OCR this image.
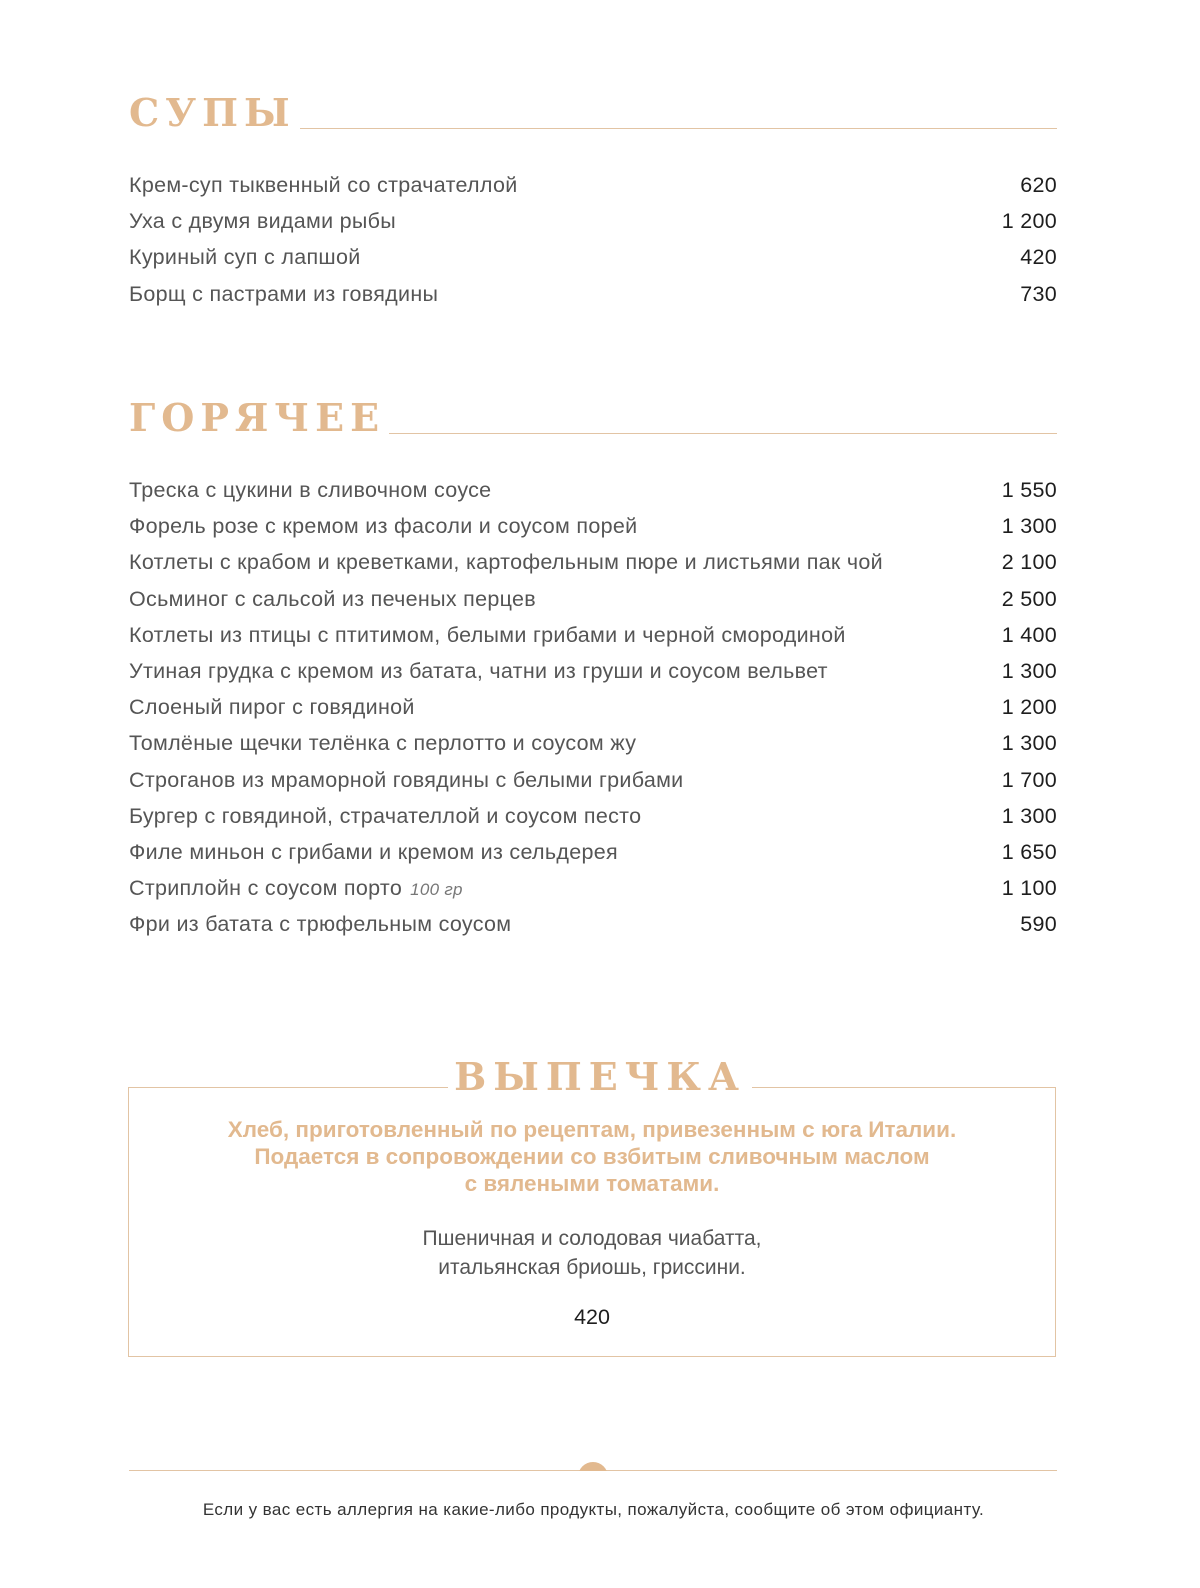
СУПЫ
Крем-суп тыквенный со страчателлой	620
Уха с двумя видами рыбы	1 200
Куриный суп с лапшой	420
Борщ с пастрами из говядины	730
ГОРЯЧЕЕ
Треска с цукини в сливочном соусе	1 550
Форель розе с кремом из фасоли и соусом порей	1 300
Котлеты с крабом и креветками, картофельным пюре и листьями пак чой	2 100
Осьминог с сальсой из печеных перцев	2 500
Котлеты из птицы с птитимом, белыми грибами и черной смородиной	1 400
Утиная грудка с кремом из батата, чатни из груши и соусом вельвет	1 300
Слоеный пирог с говядиной	1 200
Томлёные щечки телёнка с перлотто и соусом жу	1 300
Строганов из мраморной говядины с белыми грибами	1 700
Бургер с говядиной, страчателлой и соусом песто	1 300
Филе миньон с грибами и кремом из сельдерея	1 650
Стриплойн с соусом порто 100 гр	1 100
Фри из батата с трюфельным соусом	590
ВЫПЕЧКА
Хлеб, приготовленный по рецептам, привезенным с юга Италии.
Подается в сопровождении со взбитым сливочным маслом
с вялеными томатами.
Пшеничная и солодовая чиабатта,
итальянская бриошь, гриссини.
420
Если у вас есть аллергия на какие-либо продукты, пожалуйста, сообщите об этом официанту.
